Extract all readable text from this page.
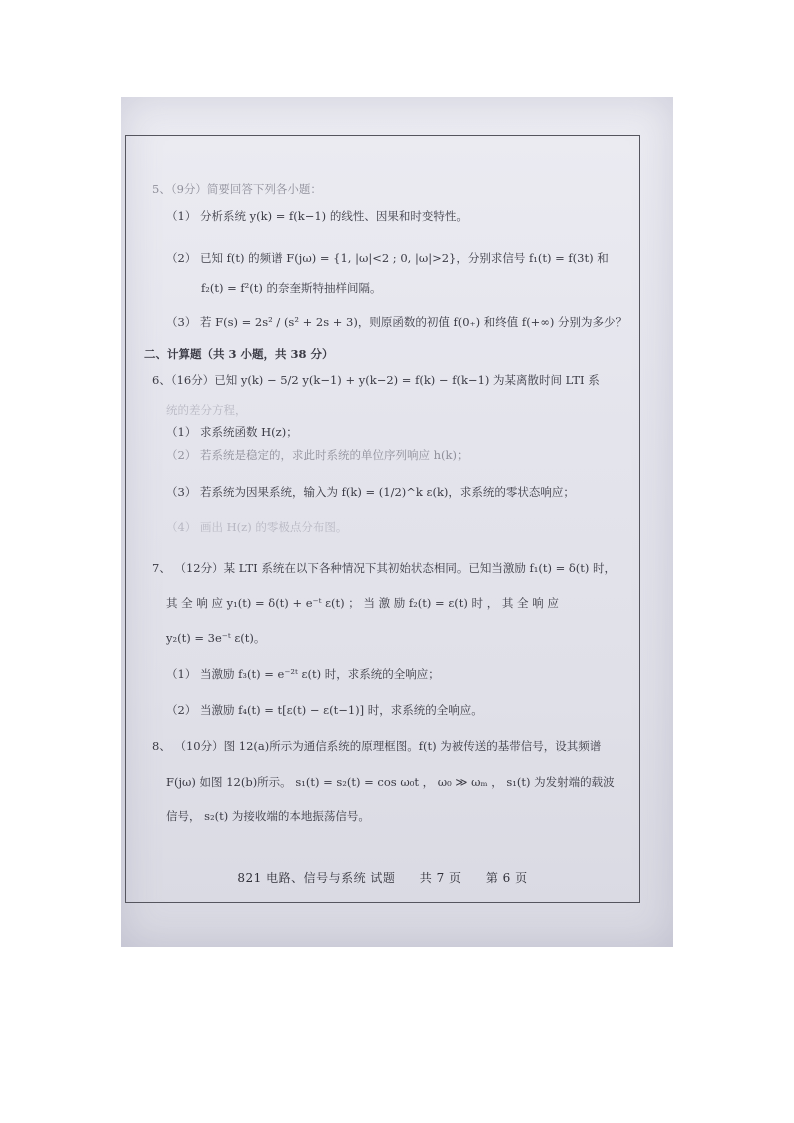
5、（9分）简要回答下列各小题：
（1） 分析系统 y(k) = f(k−1) 的线性、因果和时变特性。
（2） 已知 f(t) 的频谱 F(jω) = {1, |ω|<2 ; 0, |ω|>2}，分别求信号 f₁(t) = f(3t) 和
f₂(t) = f²(t) 的奈奎斯特抽样间隔。
（3） 若 F(s) = 2s² / (s² + 2s + 3)，则原函数的初值 f(0₊) 和终值 f(+∞) 分别为多少？
二、计算题（共 3 小题，共 38 分）
6、（16分）已知 y(k) − 5/2 y(k−1) + y(k−2) = f(k) − f(k−1) 为某离散时间 LTI 系
统的差分方程，
（1） 求系统函数 H(z)；
（2） 若系统是稳定的，求此时系统的单位序列响应 h(k)；
（3） 若系统为因果系统，输入为 f(k) = (1/2)^k ε(k)，求系统的零状态响应；
（4） 画出 H(z) 的零极点分布图。
7、 （12分）某 LTI 系统在以下各种情况下其初始状态相同。已知当激励 f₁(t) = δ(t) 时，
其 全 响 应 y₁(t) = δ(t) + e⁻ᵗ ε(t) ； 当 激 励 f₂(t) = ε(t) 时 ， 其 全 响 应
y₂(t) = 3e⁻ᵗ ε(t)。
（1） 当激励 f₃(t) = e⁻²ᵗ ε(t) 时，求系统的全响应；
（2） 当激励 f₄(t) = t[ε(t) − ε(t−1)] 时，求系统的全响应。
8、 （10分）图 12(a)所示为通信系统的原理框图。f(t) 为被传送的基带信号，设其频谱
F(jω) 如图 12(b)所示。 s₁(t) = s₂(t) = cos ω₀t ， ω₀ ≫ ωₘ ， s₁(t) 为发射端的载波
信号， s₂(t) 为接收端的本地振荡信号。
821 电路、信号与系统 试题 共 7 页 第 6 页
